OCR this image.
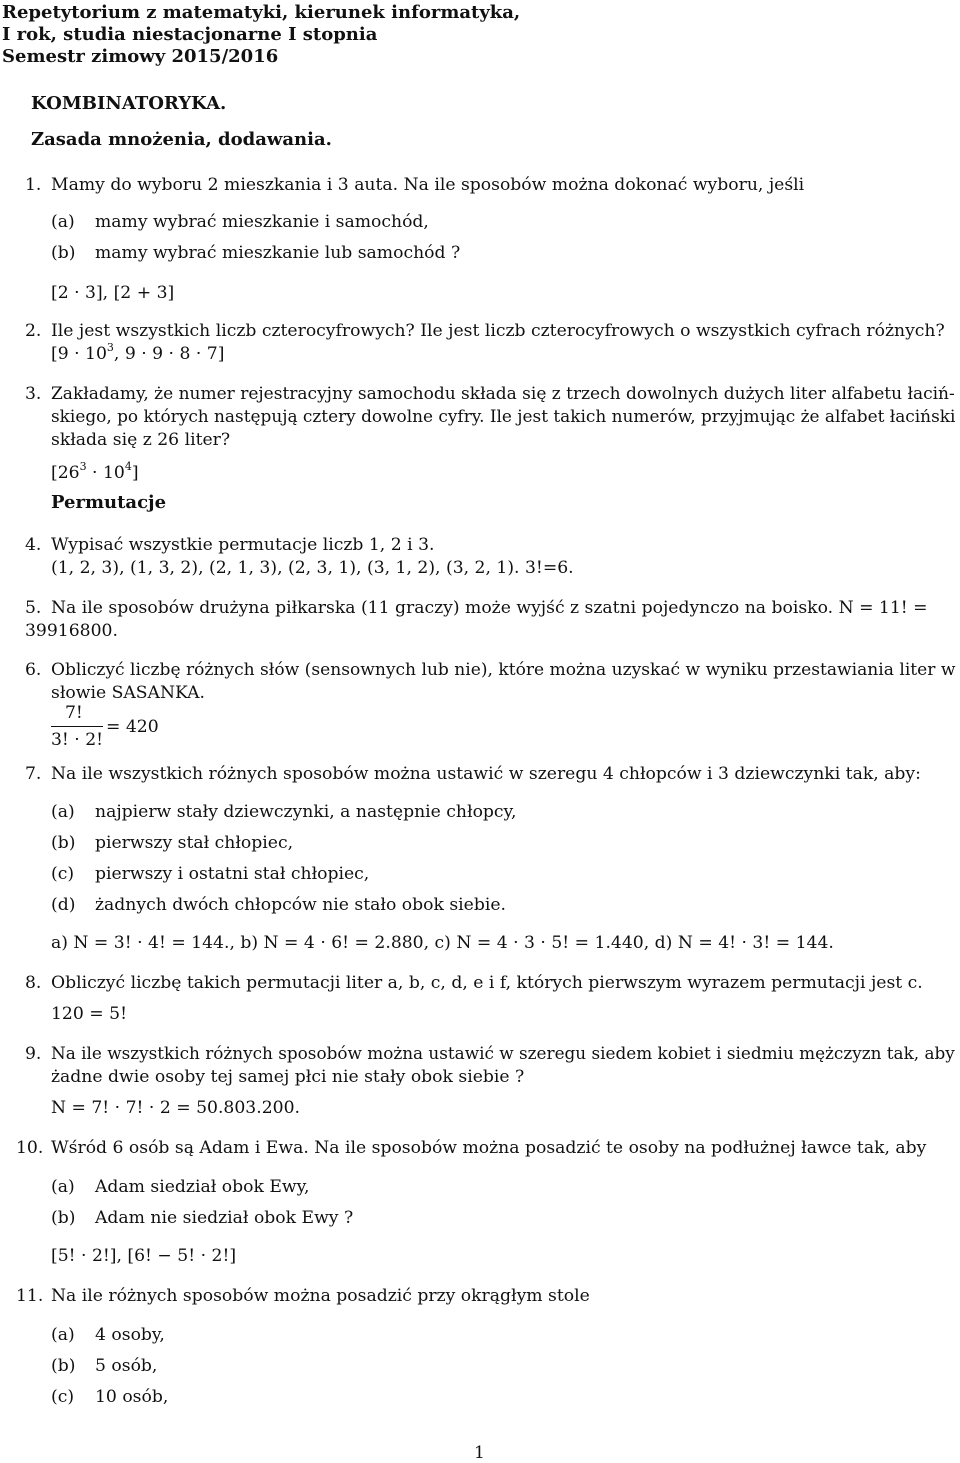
Repetytorium z matematyki, kierunek informatyka,
I rok, studia niestacjonarne I stopnia
Semestr zimowy 2015/2016
KOMBINATORYKA.
Zasada mnożenia, dodawania.
1. Mamy do wyboru 2 mieszkania i 3 auta. Na ile sposobów można dokonać wyboru, jeśli
(a) mamy wybrać mieszkanie i samochód,
(b) mamy wybrać mieszkanie lub samochód ?
[2 · 3], [2 + 3]
2. Ile jest wszystkich liczb czterocyfrowych? Ile jest liczb czterocyfrowych o wszystkich cyfrach różnych?
[$9 \cdot 10^3$, 9 · 9 · 8 · 7]
3. Zakładamy, że numer rejestracyjny samochodu składa się z trzech dowolnych dużych liter alfabetu łaciń-
skiego, po których następują cztery dowolne cyfry. Ile jest takich numerów, przyjmując że alfabet łaciński
składa się z 26 liter?
$[26^3 \cdot 10^4]$
Permutacje
4. Wypisać wszystkie permutacje liczb 1, 2 i 3.
(1, 2, 3), (1, 3, 2), (2, 1, 3), (2, 3, 1), (3, 1, 2), (3, 2, 1). 3!=6.
5. Na ile sposobów drużyna piłkarska (11 graczy) może wyjść z szatni pojedynczo na boisko. N = 11! =
39916800.
6. Obliczyć liczbę różnych słów (sensownych lub nie), które można uzyskać w wyniku przestawiania liter w
słowie SASANKA.
7!
3! · 2!
= 420
7. Na ile wszystkich różnych sposobów można ustawić w szeregu 4 chłopców i 3 dziewczynki tak, aby:
(a) najpierw stały dziewczynki, a następnie chłopcy,
(b) pierwszy stał chłopiec,
(c) pierwszy i ostatni stał chłopiec,
(d) żadnych dwóch chłopców nie stało obok siebie.
a) N = 3! · 4! = 144., b) N = 4 · 6! = 2.880, c) N = 4 · 3 · 5! = 1.440, d) N = 4! · 3! = 144.
8. Obliczyć liczbę takich permutacji liter a, b, c, d, e i f, których pierwszym wyrazem permutacji jest c.
120 = 5!
9. Na ile wszystkich różnych sposobów można ustawić w szeregu siedem kobiet i siedmiu mężczyzn tak, aby
żadne dwie osoby tej samej płci nie stały obok siebie ?
N = 7! · 7! · 2 = 50.803.200.
10. Wśród 6 osób są Adam i Ewa. Na ile sposobów można posadzić te osoby na podłużnej ławce tak, aby
(a) Adam siedział obok Ewy,
(b) Adam nie siedział obok Ewy ?
[5! · 2!], [6! − 5! · 2!]
11. Na ile różnych sposobów można posadzić przy okrągłym stole
(a) 4 osoby,
(b) 5 osób,
(c) 10 osób,
1
